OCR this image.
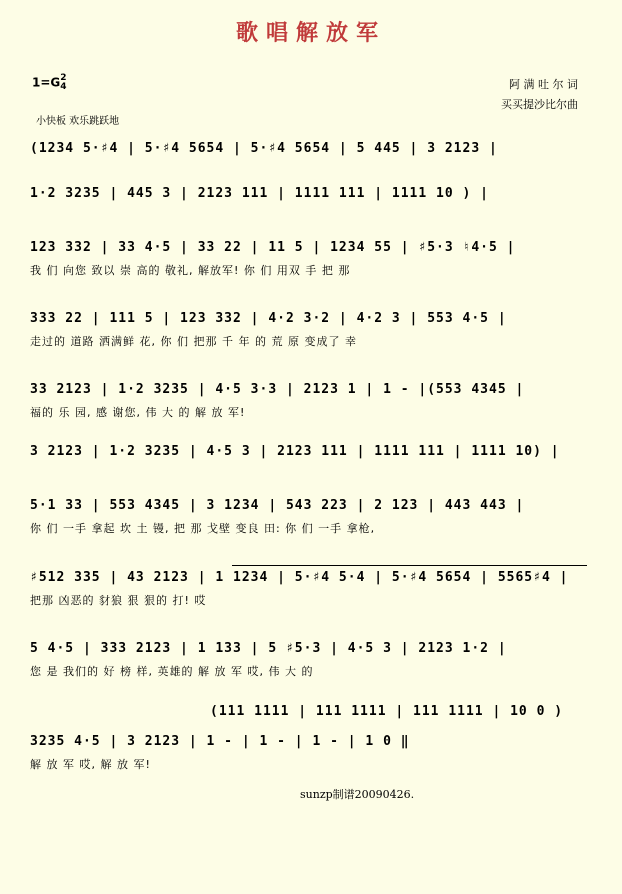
歌唱解放军
1=G2
4	阿 满 吐 尔 词
买买提沙比尔曲
小快板 欢乐跳跃地
(1234 5·♯4 | 5·♯4 5654 | 5·♯4 5654 | 5 445 | 3 2123 |
1·2 3235 | 445 3 | 2123 111 | 1111 111 | 1111 10 ) |
123 332 | 33 4·5 | 33 22 | 11 5 | 1234 55 | ♯5·3 ♮4·5 |
我 们 向您 致以 崇 高的 敬礼, 解放军! 你 们 用双 手 把 那
333 22 | 111 5 | 123 332 | 4·2 3·2 | 4·2 3 | 553 4·5 |
走过的 道路 洒满鲜 花, 你 们 把那 千 年 的 荒 原 变成了 幸
33 2123 | 1·2 3235 | 4·5 3·3 | 2123 1 | 1 - |(553 4345 |
福的 乐 园, 感 谢您, 伟 大 的 解 放 军!
3 2123 | 1·2 3235 | 4·5 3 | 2123 111 | 1111 111 | 1111 10) |
5·1 33 | 553 4345 | 3 1234 | 543 223 | 2 123 | 443 443 |
你 们 一手 拿起 坎 土 镘, 把 那 戈壁 变良 田: 你 们 一手 拿枪,
♯512 335 | 43 2123 | 1 1234 | 5·♯4 5·4 | 5·♯4 5654 | 5565♯4 |
把那 凶恶的 豺狼 狠 狠的 打! 哎
5 4·5 | 333 2123 | 1 133 | 5 ♯5·3 | 4·5 3 | 2123 1·2 |
您 是 我们的 好 榜 样, 英雄的 解 放 军 哎, 伟 大 的
(111 1111 | 111 1111 | 111 1111 | 10 0 )
3235 4·5 | 3 2123 | 1 - | 1 - | 1 - | 1 0 ‖
解 放 军 哎, 解 放 军!
sunzp制谱20090426.
